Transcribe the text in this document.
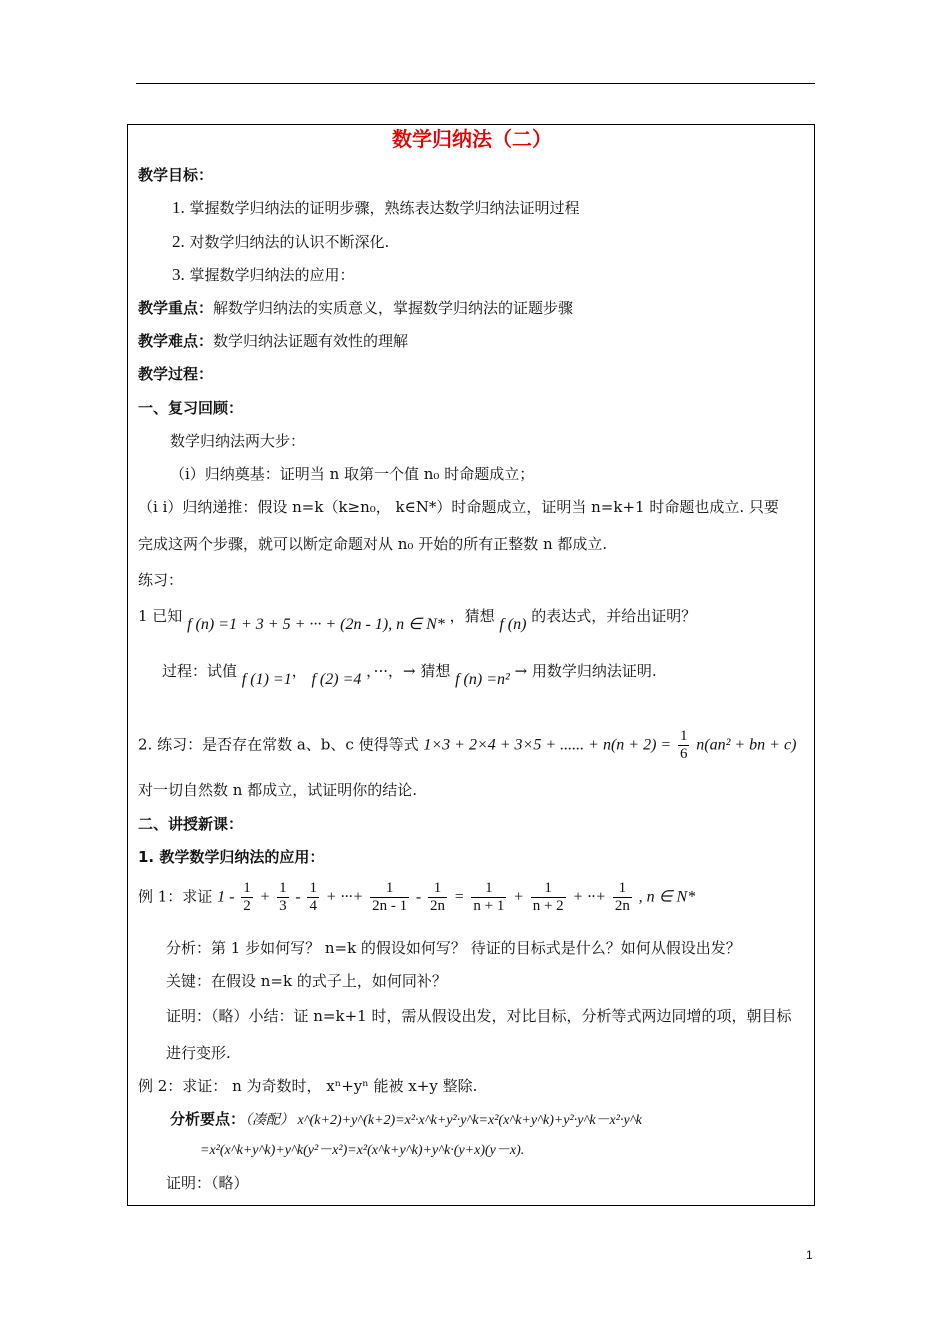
数学归纳法（二）
教学目标：
1. 掌握数学归纳法的证明步骤，熟练表达数学归纳法证明过程
2. 对数学归纳法的认识不断深化.
3. 掌握数学归纳法的应用：
教学重点：解数学归纳法的实质意义，掌握数学归纳法的证题步骤
教学难点：数学归纳法证题有效性的理解
教学过程：
一、复习回顾：
数学归纳法两大步：
（i）归纳奠基：证明当 n 取第一个值 n₀ 时命题成立；
（i i）归纳递推：假设 n=k（k≥n₀， k∈N*）时命题成立，证明当 n=k+1 时命题也成立. 只要
完成这两个步骤，就可以断定命题对从 n₀ 开始的所有正整数 n 都成立.
练习：
1 已知 f (n) =1 + 3 + 5 + ··· + (2n - 1), n ∈ N* ，猜想 f (n) 的表达式，并给出证明？
过程：试值 f (1) =1， f (2) =4 ，···，→ 猜想 f (n) =n² → 用数学归纳法证明.
2. 练习：是否存在常数 a、b、c 使得等式 1×3 + 2×4 + 3×5 + ...... + $n(n + 2) = \frac{1}{6} n(an^2$ + bn + c)
对一切自然数 n 都成立，试证明你的结论.
二、讲授新课：
1. 教学数学归纳法的应用：
例 1：求证 $1 - \frac{1}{2} + \frac{1}{3} - \frac{1}{4}$ + ···+ $\frac{1}{2n - 1} - \frac{1}{2n} = \frac{1}{n + 1} + \frac{1}{n + 2}$ + ··+ $\frac{1}{2n}$ , n ∈ N*
分析：第 1 步如何写？ n=k 的假设如何写？ 待证的目标式是什么？如何从假设出发？
关键：在假设 n=k 的式子上，如何同补？
证明：（略）小结：证 n=k+1 时，需从假设出发，对比目标，分析等式两边同增的项，朝目标
进行变形.
例 2：求证： n 为奇数时， xⁿ+yⁿ 能被 x+y 整除.
分析要点：（凑配） x^(k+2)+y^(k+2)=x²·x^k+y²·y^k=x²(x^k+y^k)+y²·y^k－x²·y^k
=x²(x^k+y^k)+y^k(y²－x²)=x²(x^k+y^k)+y^k·(y+x)(y－x).
证明：（略）
1
